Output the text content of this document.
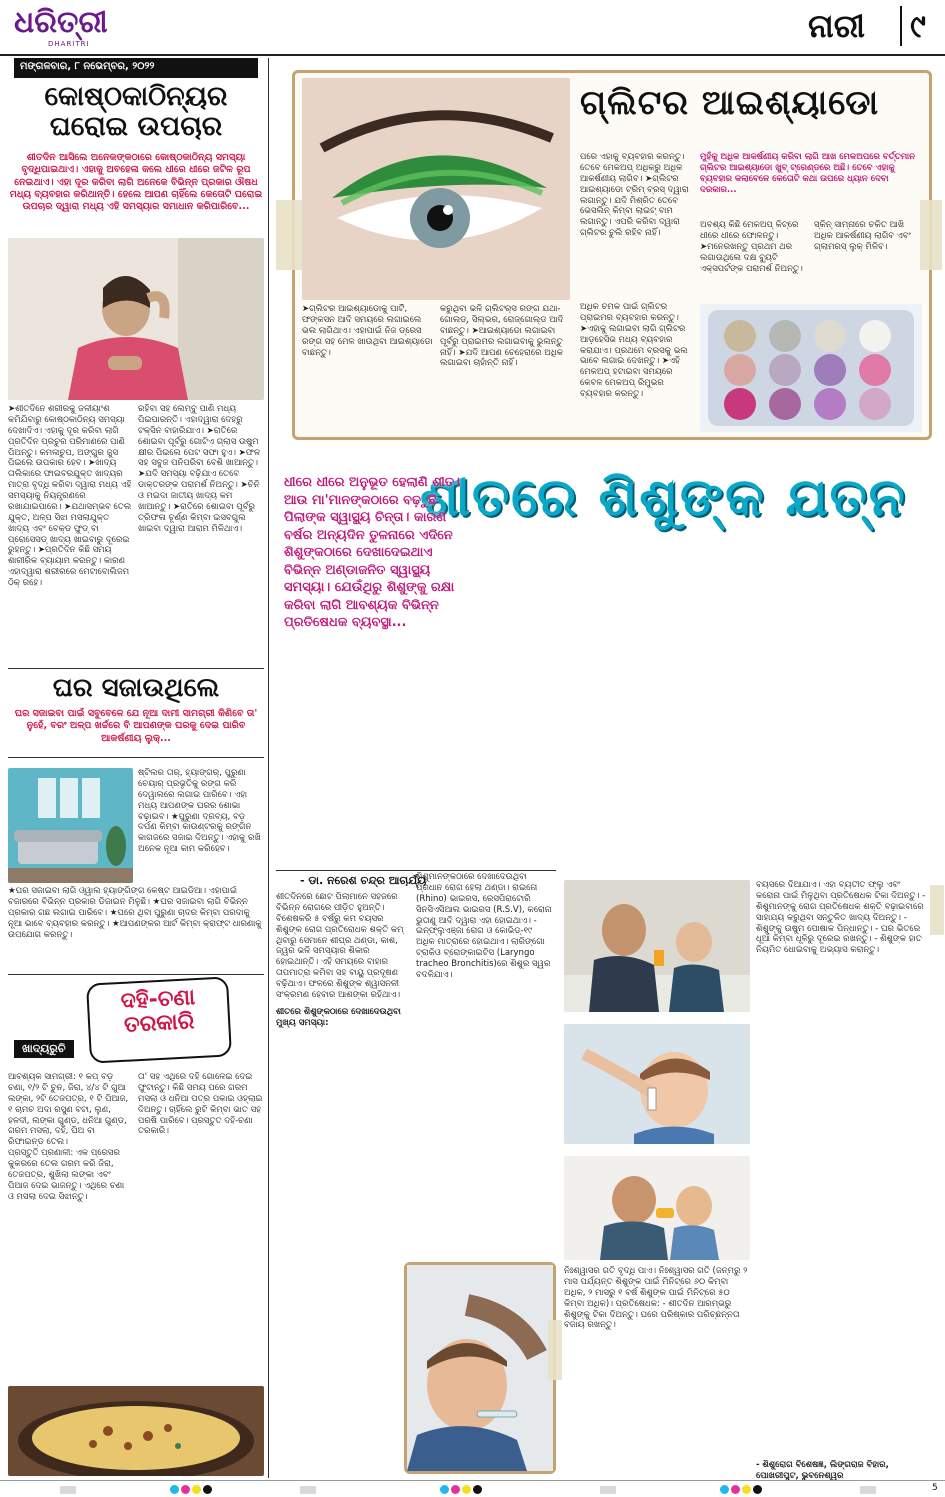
ଧରିତ୍ରୀ
DHARITRI	ନାରୀ	୯
ମଙ୍ଗଳବାର, ୮ ନଭେମ୍ବର, ୨୦୨୨
କୋଷ୍ଠକାଠିନ୍ୟର
ଘରୋଇ ଉପଚାର
ଶୀତଦିନ ଆସିଲେ ଅନେକଙ୍କଠାରେ କୋଷ୍ଠକାଠିନ୍ୟ ସମସ୍ୟା ବୃଦ୍ଧିପାଇଥାଏ। ଏହାକୁ ଅବହେଳା କଲେ ଧୀରେ ଧୀରେ ଜଟିଳ ରୂପ ନେଇଥାଏ। ଏହା ଦୂର କରିବା ଲାଗି ଅନେକେ ବିଭିନ୍ନ ପ୍ରକାର ଔଷଧ ମଧ୍ୟ ବ୍ୟବହାର କରିଥାନ୍ତି। ହେଲେ ଆପଣ ଚାହିଁଲେ କେତୋଟି ଘରୋଇ ଉପଚାର ଦ୍ୱାରା ମଧ୍ୟ ଏହି ସମସ୍ୟାର ସମାଧାନ କରିପାରିବେ...
➤ଶୀତଦିନେ ଶରୀରକୁ ଜଳୀୟାଂଶ କମିଯିବାରୁ କୋଷ୍ଠକାଠିନ୍ୟ ସମସ୍ୟା ଦେଖାଦିଏ। ଏହାକୁ ଦୂର କରିବା ଲାଗି ପ୍ରତିଦିନ ପ୍ରଚୁର ପରିମାଣରେ ପାଣି ପିଅନ୍ତୁ। କମଳାଚୁପ, ଅଙ୍ଗୁର ଜୁସ ପିଇଲେ ଉପକାର ହେବ। ➤ଖାଦ୍ୟ ତାଲିକାରେ ଫାଇବରଯୁକ୍ତ ଖାଦ୍ୟର ମାତ୍ରା ବୃଦ୍ଧି କରିବା ଦ୍ୱାରା ମଧ୍ୟ ଏହି ସମସ୍ୟାକୁ ନିୟନ୍ତ୍ରଣରେ ରଖାଯାଇପାରେ। ➤ଯଥାସମ୍ଭବ ତେଲ ଯୁକ୍ତ, ଅଳ୍ପ ସିଝା ମସଲାଯୁକ୍ତ ଖାଦ୍ୟ ଏବଂ ବେକ୍ଡ ଫୁଡ୍ ବା ପ୍ରୋସେସଡ୍ ଖାଦ୍ୟ ଖାଇବାରୁ ଦୂରେଇ ରୁହନ୍ତୁ। ➤ପ୍ରତିଦିନ କିଛି ସମୟ ଶାରୀରିକ ବ୍ୟାୟାମ କରନ୍ତୁ। କାରଣ ଏହାଦ୍ୱାରା ଶରୀରରେ ମେଟାବୋଲିଜମ ଠିକ୍ ରହେ।
ରହିବା ସହ ଲେମ୍ବୁ ପାଣି ମଧ୍ୟ ପିଇପାରନ୍ତି। ଏହାଦ୍ୱାରା ଦେହରୁ ଟକ୍ସିନ ବାହାରିଯାଏ। ➤ରାତିରେ ଶୋଇବା ପୂର୍ବରୁ ଗୋଟିଏ ଗ୍ଲାସ ଉଷୁମ କ୍ଷୀର ପିଇଲେ ପେଟ ସଫା ହୁଏ। ➤ଫଳ ସହ ସବୁଜ ପନିପରିବା ବେଶି ଖାଆନ୍ତୁ। ➤ଯଦି ସମସ୍ୟା ବଢ଼ିଯାଏ ତେବେ ଡାକ୍ତରଙ୍କ ପରାମର୍ଶ ନିଅନ୍ତୁ। ➤ଚିନି ଓ ମଇଦା ଜାତୀୟ ଖାଦ୍ୟ କମ ଖାଆନ୍ତୁ। ➤ରାତିରେ ଶୋଇବା ପୂର୍ବରୁ ତ୍ରିଫଳା ଚୂର୍ଣ୍ଣ କିମ୍ବା ଇସବଗୁଲ ଖାଇବା ଦ୍ୱାରା ଆରାମ ମିଳିଥାଏ।
ଘର ସଜାଉଥିଲେ
ଘର ସଜାଇବା ପାଇଁ ସବୁବେଳେ ଯେ ନୂଆ ଦାମୀ ସାମଗ୍ରୀ କିଣିବେ ତା' ନୁହେଁ, ବରଂ ଅଳ୍ପ ଖର୍ଚ୍ଚରେ ବି ଆପଣଙ୍କ ଘରକୁ ଦେଇ ପାରିବ ଆକର୍ଷଣୀୟ ଲୁକ୍...
ଷ୍ଟିଲର ତାର୍, ହ୍ୟାଙ୍ଗର୍, ପୁରୁଣା ଚେୟାର୍ ପ୍ରଭୃତିକୁ ରଙ୍ଗ କରି ଦେୱାଲରେ ଲଗାଇ ପାରିବେ। ଏହା ମଧ୍ୟ ଆପଣଙ୍କ ଘରର ଶୋଭା ବଢ଼ାଇବ। ★ପୁରୁଣା ଦ୍ରବ୍ୟ, ବଡ଼ ଦର୍ପଣ କିମ୍ବା କାଉଣ୍ଟରକୁ ରଙ୍ଗିନ କାଗଜରେ ସଜାଇ ଦିଅନ୍ତୁ। ଏହାକୁ ରଖି ଅନେକ ନୂଆ କାମ କରିହେବ।
★ଘର ସଜାଇବା ଲାଗି ଓ୍ୱାଲ ହ୍ୟାଙ୍ଗିଙ୍ଗ କେଷ୍ଟ ଆଇଡିଆ। ଏହାପାଇଁ ବଜାରରେ ବିଭିନ୍ନ ପ୍ରକାର ଡିଜାଇନ ମିଳୁଛି। ★ଘର ସଜାଇବା ଲାଗି ବିଭିନ୍ନ ପ୍ରକାର ଗଛ ଲଗାଇ ପାରିବେ। ★ଘରେ ଥିବା ପୁରୁଣା ଚାଦର କିମ୍ବା ପରଦାକୁ ନୂଆ ଭାବେ ବ୍ୟବହାର କରନ୍ତୁ। ★ଆପଣଙ୍କର ଆର୍ଟ କିମ୍ବା କ୍ରାଫ୍ଟ ଧାରଣାକୁ ଉପଯୋଗ କରନ୍ତୁ।
ଖାଦ୍ୟରୁଚି
ଦହି-ଚଣା
ତରକାରି

ଆବଶ୍ୟକ ସାମଗ୍ରୀ: ୧ କପ୍ ବଡ଼ ଚଣା, ୧/୨ ଟି ଚୁନ, ଜିରା, ୪/୪ ଟି ଗୁଆ ଲଙ୍କା, ୨ଟି ତେଜପତ୍ର, ୧ ଟି ପିଆଜ, ୧ ଚାମଚ ଅଦା ରସୁଣ ବଟା, ଲୁଣ, ହଳଦୀ, ଲଙ୍କା ଗୁଣ୍ଡ, ଧନିଆ ଗୁଣ୍ଡ, ଗରମ ମସଲା, ଦହି, ଘିଅ ବା ରିଫାଇନ୍ଡ ତେଲ।

ପ୍ରସ୍ତୁତି ପ୍ରଣାଳୀ: ଏକ ପ୍ରେସର କୁକରରେ ତେଲ ଗରମ କରି ଜିରା, ତେଜପତ୍ର, ଶୁଖିଲା ଲଙ୍କା ଏବଂ ପିଆଜ ଦେଇ ଭାଜନ୍ତୁ। ଏଥିରେ ଚଣା ଓ ମସଲା ଦେଇ ସିଝାନ୍ତୁ।

ତା' ସହ ଏଥିରେ ଦହି ଗୋଳେଇ ଦେଇ ଫୁଟାନ୍ତୁ। କିଛି ସମୟ ପରେ ଗରମ ମସଲା ଓ ଧନିଆ ପତ୍ର ପକାଇ ଓହ୍ଲାଇ ଦିଅନ୍ତୁ। ଚାହିଁଲେ ରୁଟି କିମ୍ବା ଭାତ ସହ ପରଷି ପାରିବେ। ପ୍ରସ୍ତୁତ ଦହି-ଚଣା ତରକାରି।
ଗ୍ଲିଟର ଆଇଶ୍ୟାଡୋ
ମୁହଁକୁ ଅଧିକ ଆକର୍ଷଣୀୟ କରିବା ଲାଗି ଆଖ ମେକଅପରେ ବର୍ତ୍ତମାନ ଗ୍ଲିଟର ଆଇଶ୍ୟାଡୋ ଖୁବ୍ ଟ୍ରେଣ୍ଡରେ ଅଛି। ତେବେ ଏହାକୁ ବ୍ୟବହାର କଲାବେଳେ କେତୋଟି କଥା ଉପରେ ଧ୍ୟାନ ଦେବା ଦରକାର...
ପରେ ଏହାକୁ ବ୍ୟବହାର କରନ୍ତୁ। ତେବେ ମେକଅପ୍ ଅଧିକରୁ ଅଧିକ ଆକର୍ଷଣୀୟ ଲାଗିବ। ➤ଗ୍ଲିଟର ଆଇଶ୍ୟାଡୋ ଟ୍ରିମ୍ ବ୍ରସ୍ ଦ୍ୱାରା ଲଗାନ୍ତୁ। ଯଦି ମିଶ୍ରିତ ତେବେ ଭେସଲିନ୍ କିମ୍ବା ଲାଇଟ୍ ବାମ ଲଗାନ୍ତୁ। ଏପରି କରିବା ଦ୍ୱାରା ଗ୍ଲିଟର ଚୁଲି ରହିବ ନାହିଁ।
ଅଧିକ ଚମକ ପାଇଁ ଗ୍ଲିଟର ପ୍ରାଇମର ବ୍ୟବହାର କରନ୍ତୁ। ➤ଏହାକୁ ଲଗାଇବା ଲାଗି ଗ୍ଲିଟର ଆଡ଼ହେସିଭ ମଧ୍ୟ ବ୍ୟବହାର କରାଯାଏ। ପ୍ରଥମେ ବ୍ରସକୁ ଭଲ ଭାବେ ଲଗାଇ ଦେଖନ୍ତୁ। ➤ଏହି ମେକଅପ୍ ହଟାଇବା ସମୟରେ କେବଳ ମେକଅପ୍ ରିମୁଭର ବ୍ୟବହାର କରନ୍ତୁ।
ଅବଶ୍ୟ କିଛି ମେକଅପ୍ କିଟ୍‌ରେ ଧୀରେ ଧୀରେ ଫୋଳନ୍ତୁ। ➤ମନେରଖନ୍ତୁ ପ୍ରଥମ ଥର ଲଗାଉଥିଲେ ଦକ୍ଷ ବ୍ୟୁଟି ଏକ୍ସପର୍ଟଙ୍କ ପରାମର୍ଶ ନିଅନ୍ତୁ।
ସ୍କିନ୍ ସାମ୍ନାରେ ଚକିତ ଆଖି ଅଧିକ ଆକର୍ଷଣୀୟ ଲାଗିବ ଏବଂ ଗ୍ଲାମରସ୍ ଲୁକ୍ ମିଳିବ।
➤ଗ୍ଲିଟର ଆଇଶ୍ୟାଡୋକୁ ପାର୍ଟି, ଫଙ୍କସନ ଆଦି ସମୟରେ ଲଗାଇଲେ ଭଲ ଲାଗିଥାଏ। ଏହାପାଇଁ ନିଜ ଡ୍ରେସ ରଙ୍ଗ ସହ ମେଳ ଖାଉଥିବା ଆଇଶ୍ୟାଡୋ ବାଛନ୍ତୁ।
କରୁଥିବା ଭଳି ଗ୍ଲିଟର୍‌ସ ରଙ୍ଗ ଯଥା- ଗୋଲଡ୍, ସିଲ୍ଭର, ରୋଜ୍‌ଗୋଲ୍ଡ ଆଦି ବାଛନ୍ତୁ। ➤ଆଇଶ୍ୟାଡୋ ଲଗାଇବା ପୂର୍ବରୁ ପ୍ରାଇମର ଲଗାଇବାକୁ ଭୁଲନ୍ତୁ ନାହିଁ। ➤ଯଦି ଆପଣ ଚେହେରାରେ ଅଧିକ ଲଗାଇବା ଚାହାଁନ୍ତି ନାହିଁ।
ଶୀତରେ ଶିଶୁଙ୍କ ଯତ୍ନ
ଧୀରେ ଧୀରେ ଅନୁଭୂତ ହେଲାଣି ଶୀତ। ଆଉ ମା'ମାନଙ୍କଠାରେ ବଢ଼ୁଛି ପିଲାଙ୍କ ସ୍ୱାସ୍ଥ୍ୟ ଚିନ୍ତା। କାରଣ ବର୍ଷର ଅନ୍ୟଦିନ ତୁଳନାରେ ଏଦିନେ ଶିଶୁଙ୍କଠାରେ ଦେଖାଦେଇଥାଏ ବିଭିନ୍ନ ଅଣ୍ଡାଜନିତ ସ୍ୱାସ୍ଥ୍ୟ ସମସ୍ୟା। ଯେଉଁଥିରୁ ଶିଶୁଙ୍କୁ ରକ୍ଷା କରିବା ଲାଗି ଆବଶ୍ୟକ ବିଭିନ୍ନ ପ୍ରତିଷେଧକ ବ୍ୟବସ୍ଥା...
- ଡା. ନରେଶ ଚନ୍ଦ୍ର ଆଚାର୍ଯ୍ୟ

ଶୀତଦିନରେ ଛୋଟ ପିଲାମାନେ ସହଜରେ ବିଭିନ୍ନ ରୋଗରେ ପୀଡ଼ିତ ହୁଅନ୍ତି। ବିଶେଷକରି ୫ ବର୍ଷରୁ କମ ବୟସର ଶିଶୁଙ୍କ ରୋଗ ପ୍ରତିରୋଧକ ଶକ୍ତି କମ୍ ଥିବାରୁ ସେମାନେ ଶୀଘ୍ର ଥଣ୍ଡା, କାଶ, ଜ୍ୱର ଭଳି ସମସ୍ୟାର ଶିକାର ହୋଇଥାନ୍ତି। ଏହି ସମୟରେ ବାହାର ତାପମାତ୍ରା କମିବା ସହ ବାୟୁ ପ୍ରଦୂଷଣ ବଢ଼ିଥାଏ। ଫଳରେ ଶିଶୁଙ୍କ ଶ୍ୱାସନଳୀ ସଂକ୍ରମଣ ହେବାର ଆଶଙ୍କା ରହିଥାଏ।

ଶୀତରେ ଶିଶୁଙ୍କଠାରେ ଦେଖାଦେଉଥିବା ମୁଖ୍ୟ ସମସ୍ୟା:

ଶିଶୁମାନଙ୍କଠାରେ ଦେଖାଦେଉଥିବା ପ୍ରଧାନ ରୋଗ ହେଲା ଥଣ୍ଡା। ରାଇନୋ (Rhino) ଭାଇରସ, ରେସପିରାଟୋରି ସିନସିଏସିଆଲ ଭାଇରସ (R.S.V), କରୋନା ଭୁତାଣୁ ଆଦି ଦ୍ୱାରା ଏହା ହୋଇଥାଏ। - ଇନ୍‌ଫ୍ଲୁଏଞ୍ଜା ରୋଗ ଓ କୋଭିଡ୍-୧୯ ଅଧିକ ମାତ୍ରାରେ ହୋଇଥାଏ। ଲାରିଙ୍ଗୋ ଟ୍ରାକିଓ ବ୍ରୋଙ୍କାଇଟିସ (Laryngo tracheo Bronchitis)ରେ ଶିଶୁର ସ୍ୱର ବଦଳିଯାଏ।
ବୟସରେ ଦିଆଯାଏ। ଏହା ବ୍ୟତୀତ ଫ୍ଲୁ ଏବଂ କରୋନା ପାଇଁ ମିଳୁଥିବା ପ୍ରତିଷେଧକ ଟିକା ଦିଅନ୍ତୁ। - ଶିଶୁମାନଙ୍କୁ ରୋଗ ପ୍ରତିଷେଧକ ଶକ୍ତି ବଢ଼ାଇବାରେ ସାହାଯ୍ୟ କରୁଥିବା ସନ୍ତୁଳିତ ଖାଦ୍ୟ ଦିଅନ୍ତୁ। - ଶିଶୁଙ୍କୁ ଉଷୁମ ପୋଷାକ ପିନ୍ଧାନ୍ତୁ। - ଘର ଭିତରେ ଧୂଆଁ କିମ୍ବା ଧୂଳିରୁ ଦୂରେଇ ରଖନ୍ତୁ। - ଶିଶୁଙ୍କ ହାତ ନିୟମିତ ଧୋଇବାକୁ ଅଭ୍ୟାସ କରାନ୍ତୁ।
ନିଃଶ୍ୱାସର ଗତି ବୃଦ୍ଧି ପାଏ। ନିଃଶ୍ୱାସର ଗତି (ଜନ୍ମରୁ ୨ ମାସ ପର୍ଯ୍ୟନ୍ତ ଶିଶୁଙ୍କ ପାଇଁ ମିନିଟ୍‌ରେ ୬୦ କିମ୍ବା ଅଧିକ, ୨ ମାସରୁ ୧ ବର୍ଷ ଶିଶୁଙ୍କ ପାଇଁ ମିନିଟ୍‌ରେ ୫୦ କିମ୍ବା ଅଧିକ)। ପ୍ରତିଷେଧକ: - ଶୀତଦିନ ଆରମ୍ଭରୁ ଶିଶୁଙ୍କୁ ଟିକା ଦିଅନ୍ତୁ। ଘରେ ପରିଷ୍କାର ପରିଚ୍ଛନ୍ନତା ବଜାୟ ରଖନ୍ତୁ।
- ଶିଶୁରୋଗ ବିଶେଷଜ୍ଞ, ଲିଙ୍ଗରାଜ ବିହାର, ପୋଖରୀପୁଟ, ଭୁବନେଶ୍ୱର
5
